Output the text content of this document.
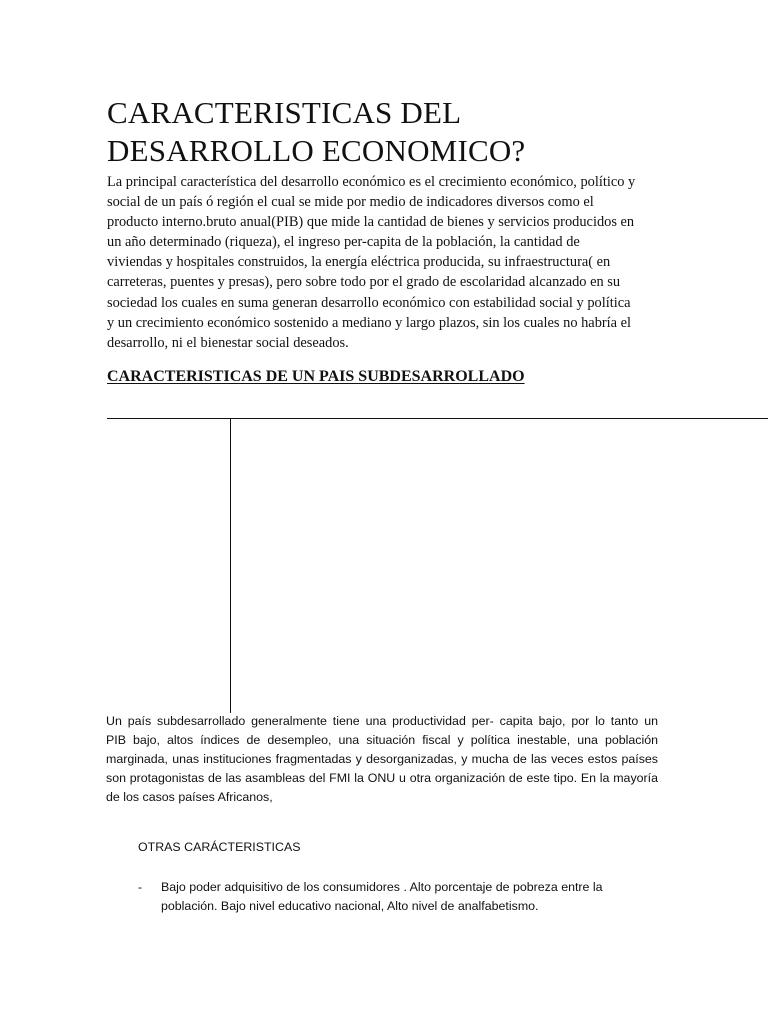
CARACTERISTICAS DEL
DESARROLLO ECONOMICO?

La principal característica del desarrollo económico es el crecimiento económico, político y
social de un país ó región el cual se mide por medio de indicadores diversos como el
producto interno.bruto anual(PIB) que mide la cantidad de bienes y servicios producidos en
un año determinado (riqueza), el ingreso per-capita de la población, la cantidad de
viviendas y hospitales construidos, la energía eléctrica producida, su infraestructura( en
carreteras, puentes y presas), pero sobre todo por el grado de escolaridad alcanzado en su
sociedad los cuales en suma generan desarrollo económico con estabilidad social y política
y un crecimiento económico sostenido a mediano y largo plazos, sin los cuales no habría el
desarrollo, ni el bienestar social deseados.

CARACTERISTICAS DE UN PAIS SUBDESARROLLADO

Un país subdesarrollado generalmente tiene una productividad per- capita bajo, por lo tanto un
PIB bajo, altos índices de desempleo, una situación fiscal y política inestable, una población
marginada, unas instituciones fragmentadas y desorganizadas, y mucha de las veces estos países
son protagonistas de las asambleas del FMI la ONU u otra organización de este tipo. En la mayoría
de los casos países Africanos,

OTRAS CARÁCTERISTICAS

- Bajo poder adquisitivo de los consumidores . Alto porcentaje de pobreza entre la
población. Bajo nivel educativo nacional, Alto nivel de analfabetismo.
